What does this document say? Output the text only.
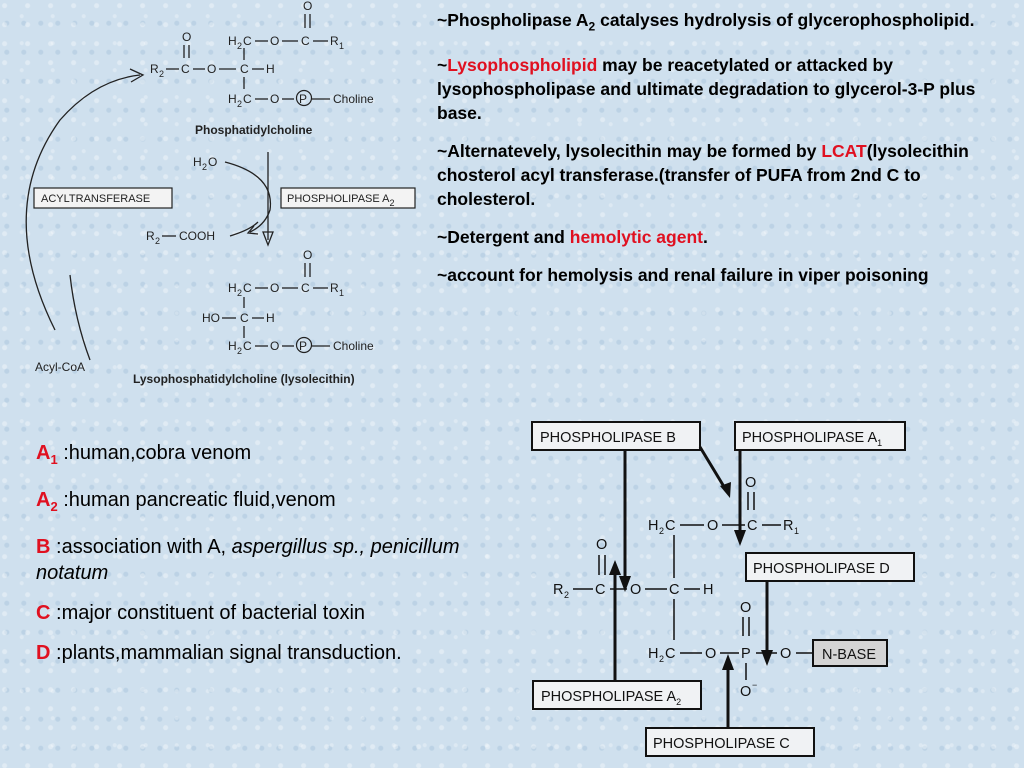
O
H 2 C O C R 1
O
R 2 C O C H
H 2 C O P Choline
Phosphatidylcholine
H 2 O
ACYLTRANSFERASE	PHOSPHOLIPASE $A_2$
R 2 COOH
O
H 2 C O C R 1
HO C H
H 2 C O P Choline
Acyl-CoA
Lysophosphatidylcholine (lysolecithin)

~Phospholipase $A_2$ catalyses hydrolysis of glycerophospholipid.

~Lysophospholipid may be reacetylated or attacked by lysophospholipase and ultimate degradation to glycerol-3-P plus base.

~Alternatevely, lysolecithin may be formed by LCAT(lysolecithin chosterol acyl transferase.(transfer of PUFA from 2nd C to cholesterol.

~Detergent and hemolytic agent.

~account for hemolysis and renal failure in viper poisoning

$A_1$ :human,cobra venom

$A_2$ :human pancreatic fluid,venom

B :association with A, aspergillus sp., penicillum notatum

C :major constituent of bacterial toxin

D :plants,mammalian signal transduction.

PHOSPHOLIPASE B	PHOSPHOLIPASE $A_1$
PHOSPHOLIPASE D
PHOSPHOLIPASE $A_2$
PHOSPHOLIPASE C
N-BASE
O
H 2 C O C R 1
O
R 2 C O C H
O
H 2 C O P O
O −
